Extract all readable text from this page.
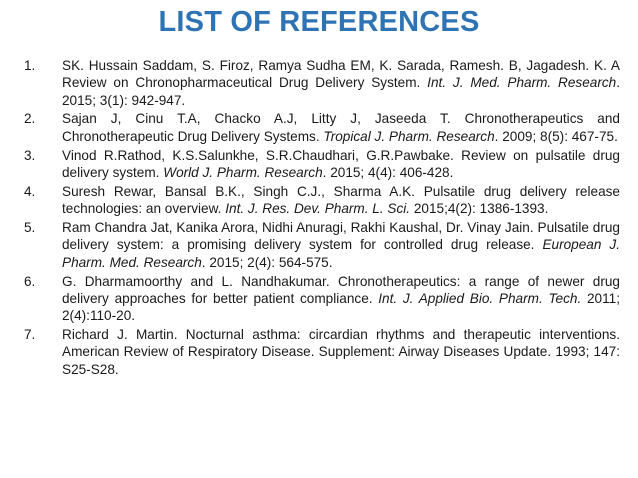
LIST OF REFERENCES
1. SK. Hussain Saddam, S. Firoz, Ramya Sudha EM, K. Sarada, Ramesh. B, Jagadesh. K. A Review on Chronopharmaceutical Drug Delivery System. Int. J. Med. Pharm. Research. 2015; 3(1): 942-947.
2. Sajan J, Cinu T.A, Chacko A.J, Litty J, Jaseeda T. Chronotherapeutics and Chronotherapeutic Drug Delivery Systems. Tropical J. Pharm. Research. 2009; 8(5): 467-75.
3. Vinod R.Rathod, K.S.Salunkhe, S.R.Chaudhari, G.R.Pawbake. Review on pulsatile drug delivery system. World J. Pharm. Research. 2015; 4(4): 406-428.
4. Suresh Rewar, Bansal B.K., Singh C.J., Sharma A.K. Pulsatile drug delivery release technologies: an overview. Int. J. Res. Dev. Pharm. L. Sci. 2015;4(2): 1386-1393.
5. Ram Chandra Jat, Kanika Arora, Nidhi Anuragi, Rakhi Kaushal, Dr. Vinay Jain. Pulsatile drug delivery system: a promising delivery system for controlled drug release. European J. Pharm. Med. Research. 2015; 2(4): 564-575.
6. G. Dharmamoorthy and L. Nandhakumar. Chronotherapeutics: a range of newer drug delivery approaches for better patient compliance. Int. J. Applied Bio. Pharm. Tech. 2011; 2(4):110-20.
7. Richard J. Martin. Nocturnal asthma: circardian rhythms and therapeutic interventions. American Review of Respiratory Disease. Supplement: Airway Diseases Update. 1993; 147: S25-S28.
